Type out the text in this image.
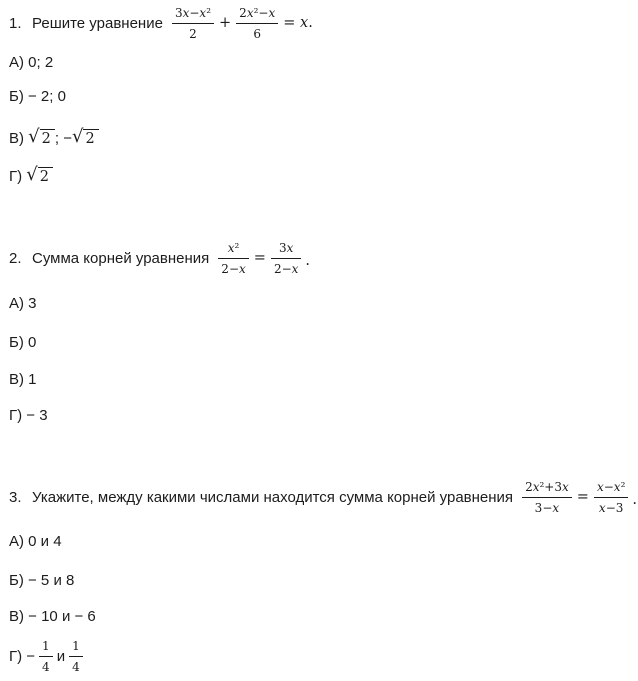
1. Решите уравнение $\frac{\text{3x−x²}}{2} + \frac{\text{2x²−x}}{6} = x$.
А) 0; 2
Б) − 2; 0
В) √ 2 ; − √ 2
Г) √ 2
2. Сумма корней уравнения $\frac{\text{x²}}{2-x} = \frac{3x}{2-x}$ .
А) 3
Б) 0
В) 1
Г) − 3
3. Укажите, между какими числами находится сумма корней уравнения $\frac{\text{2x²+3x}}{3-x} = \frac{\text{x−x²}}{x-3}$ .
А) 0 и 4
Б) − 5 и 8
В) − 10 и − 6
$Г) - \frac{1}{4}$ и $\frac{1}{4}$
